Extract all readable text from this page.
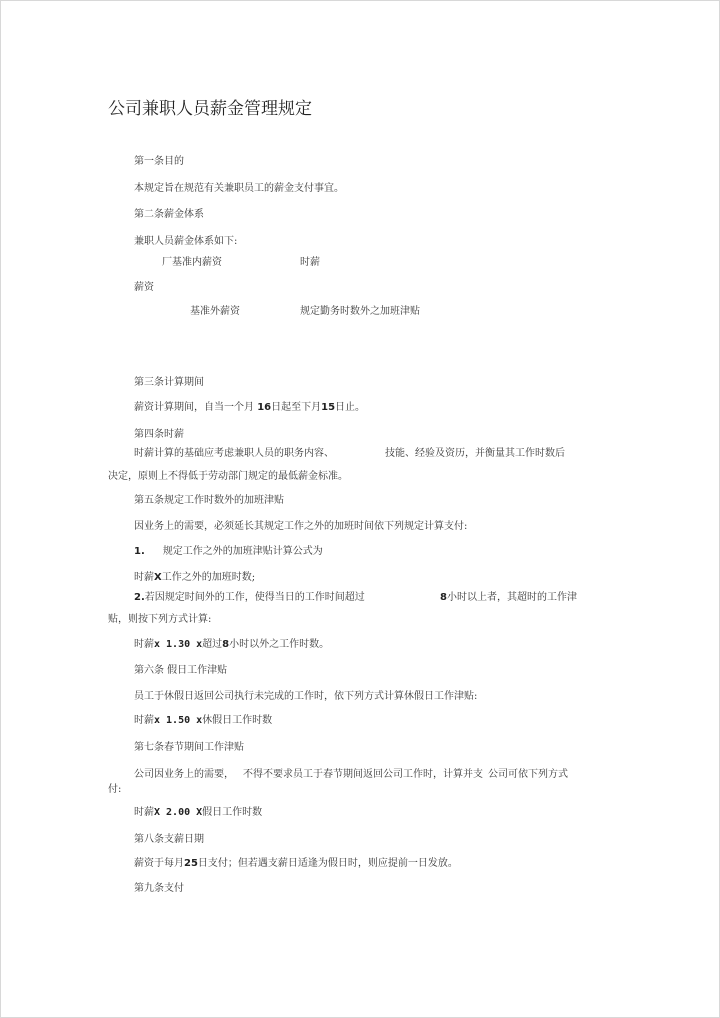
公司兼职人员薪金管理规定
第一条目的
本规定旨在规范有关兼职员工的薪金支付事宜。
第二条薪金体系
兼职人员薪金体系如下:
厂基准内薪资	时薪
薪资
基准外薪资	规定勤务时数外之加班津贴
第三条计算期间
薪资计算期间，自当一个月 16日起至下月15日止。
第四条时薪
时薪计算的基础应考虑兼职人员的职务内容、	技能、经验及资历，并衡量其工作时数后
决定，原则上不得低于劳动部门规定的最低薪金标准。
第五条规定工作时数外的加班津贴
因业务上的需要，必须延长其规定工作之外的加班时间依下列规定计算支付:
1. 规定工作之外的加班津贴计算公式为
时薪X工作之外的加班时数;
2.若因规定时间外的工作，使得当日的工作时间超过	8小时以上者，其超时的工作津
贴，则按下列方式计算:
时薪x 1.30 x超过8小时以外之工作时数。
第六条 假日工作津贴
员工于休假日返回公司执行未完成的工作时，依下列方式计算休假日工作津贴:
时薪x 1.50 x休假日工作时数
第七条春节期间工作津贴
公司因业务上的需要， 不得不要求员工于春节期间返回公司工作时，计算并支 公司可依下列方式
付:
时薪X 2.00 X假日工作时数
第八条支薪日期
薪资于每月25日支付；但若遇支薪日适逢为假日时，则应提前一日发放。
第九条支付
